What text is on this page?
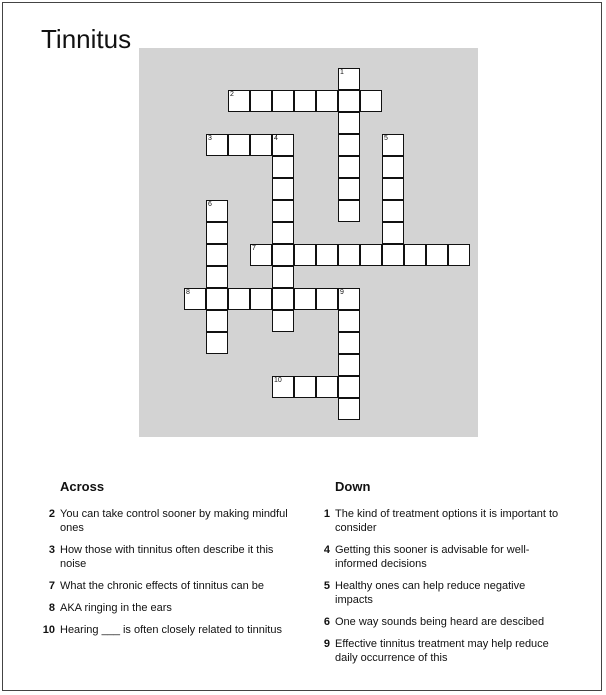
Tinnitus
1
2
3	4	5
6
7
8	9
10
Across
2 You can take control sooner by making mindful ones
3 How those with tinnitus often describe it this noise
7 What the chronic effects of tinnitus can be
8 AKA ringing in the ears
10 Hearing ___ is often closely related to tinnitus
Down
1 The kind of treatment options it is important to consider
4 Getting this sooner is advisable for well-informed decisions
5 Healthy ones can help reduce negative impacts
6 One way sounds being heard are descibed
9 Effective tinnitus treatment may help reduce daily occurrence of this
